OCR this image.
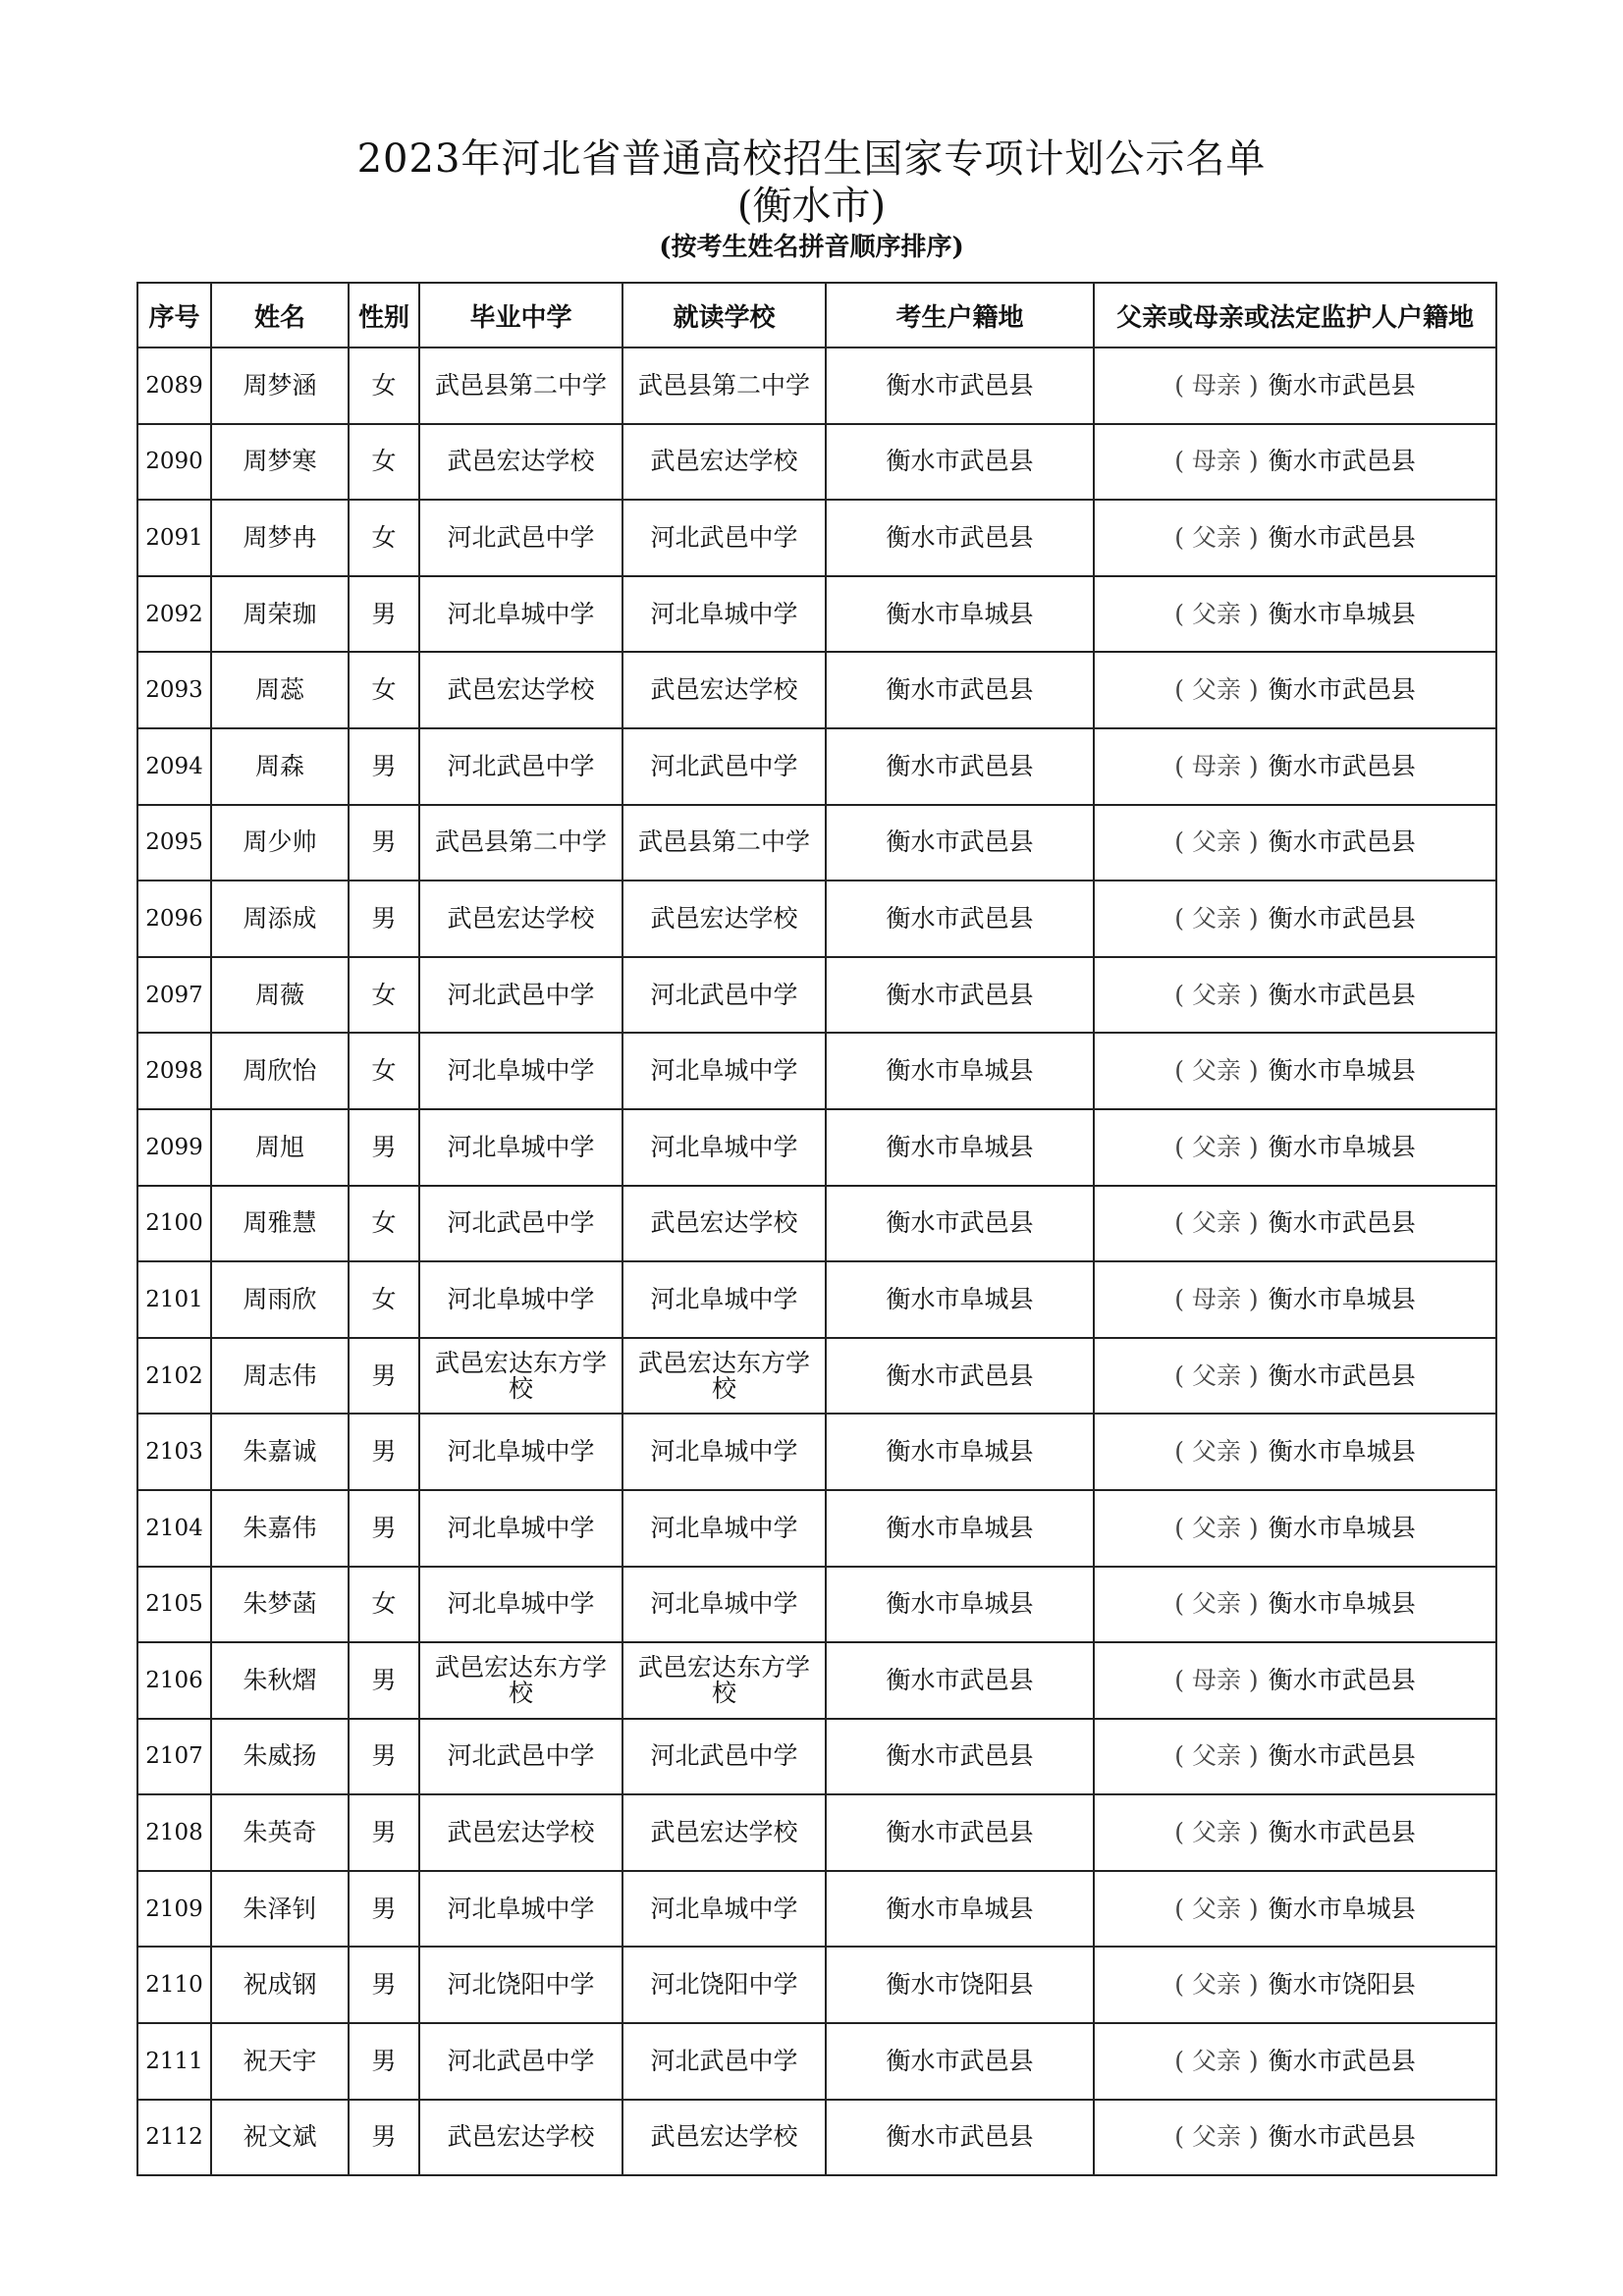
2023年河北省普通高校招生国家专项计划公示名单
(衡水市)
(按考生姓名拼音顺序排序)
序号	姓名	性别	毕业中学	就读学校	考生户籍地	父亲或母亲或法定监护人户籍地
2089	周梦涵	女	武邑县第二中学	武邑县第二中学	衡水市武邑县	( 母亲 ) 衡水市武邑县
2090	周梦寒	女	武邑宏达学校	武邑宏达学校	衡水市武邑县	( 母亲 ) 衡水市武邑县
2091	周梦冉	女	河北武邑中学	河北武邑中学	衡水市武邑县	( 父亲 ) 衡水市武邑县
2092	周荣珈	男	河北阜城中学	河北阜城中学	衡水市阜城县	( 父亲 ) 衡水市阜城县
2093	周蕊	女	武邑宏达学校	武邑宏达学校	衡水市武邑县	( 父亲 ) 衡水市武邑县
2094	周森	男	河北武邑中学	河北武邑中学	衡水市武邑县	( 母亲 ) 衡水市武邑县
2095	周少帅	男	武邑县第二中学	武邑县第二中学	衡水市武邑县	( 父亲 ) 衡水市武邑县
2096	周添成	男	武邑宏达学校	武邑宏达学校	衡水市武邑县	( 父亲 ) 衡水市武邑县
2097	周薇	女	河北武邑中学	河北武邑中学	衡水市武邑县	( 父亲 ) 衡水市武邑县
2098	周欣怡	女	河北阜城中学	河北阜城中学	衡水市阜城县	( 父亲 ) 衡水市阜城县
2099	周旭	男	河北阜城中学	河北阜城中学	衡水市阜城县	( 父亲 ) 衡水市阜城县
2100	周雅慧	女	河北武邑中学	武邑宏达学校	衡水市武邑县	( 父亲 ) 衡水市武邑县
2101	周雨欣	女	河北阜城中学	河北阜城中学	衡水市阜城县	( 母亲 ) 衡水市阜城县
2102	周志伟	男	武邑宏达东方学校	武邑宏达东方学校	衡水市武邑县	( 父亲 ) 衡水市武邑县
2103	朱嘉诚	男	河北阜城中学	河北阜城中学	衡水市阜城县	( 父亲 ) 衡水市阜城县
2104	朱嘉伟	男	河北阜城中学	河北阜城中学	衡水市阜城县	( 父亲 ) 衡水市阜城县
2105	朱梦菡	女	河北阜城中学	河北阜城中学	衡水市阜城县	( 父亲 ) 衡水市阜城县
2106	朱秋熠	男	武邑宏达东方学校	武邑宏达东方学校	衡水市武邑县	( 母亲 ) 衡水市武邑县
2107	朱威扬	男	河北武邑中学	河北武邑中学	衡水市武邑县	( 父亲 ) 衡水市武邑县
2108	朱英奇	男	武邑宏达学校	武邑宏达学校	衡水市武邑县	( 父亲 ) 衡水市武邑县
2109	朱泽钊	男	河北阜城中学	河北阜城中学	衡水市阜城县	( 父亲 ) 衡水市阜城县
2110	祝成钢	男	河北饶阳中学	河北饶阳中学	衡水市饶阳县	( 父亲 ) 衡水市饶阳县
2111	祝天宇	男	河北武邑中学	河北武邑中学	衡水市武邑县	( 父亲 ) 衡水市武邑县
2112	祝文斌	男	武邑宏达学校	武邑宏达学校	衡水市武邑县	( 父亲 ) 衡水市武邑县
